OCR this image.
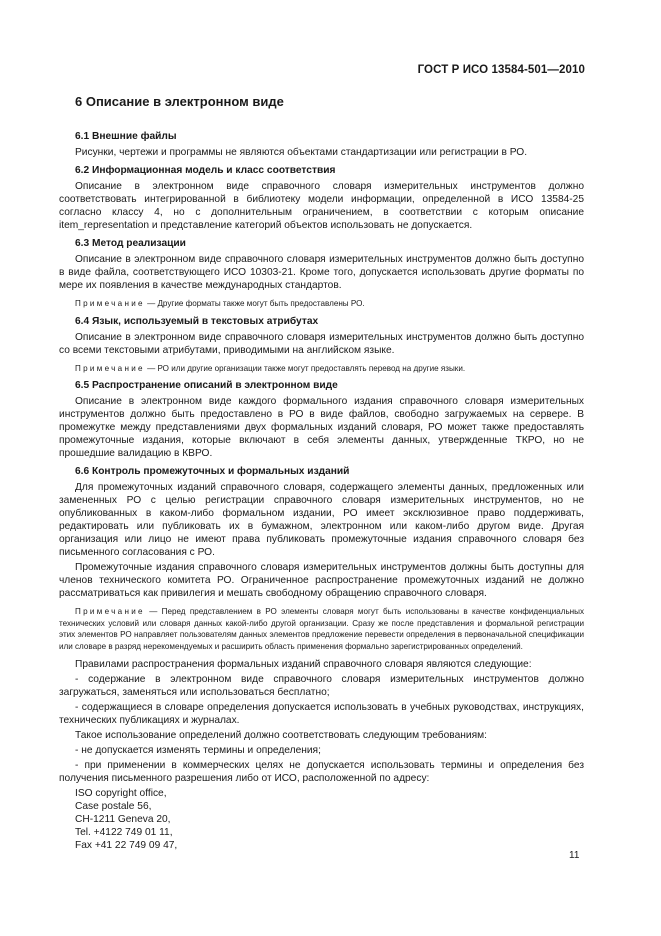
ГОСТ Р ИСО 13584-501—2010
6 Описание в электронном виде
6.1 Внешние файлы

Рисунки, чертежи и программы не являются объектами стандартизации или регистрации в РО.

6.2 Информационная модель и класс соответствия

Описание в электронном виде справочного словаря измерительных инструментов должно соответствовать интегрированной в библиотеку модели информации, определенной в ИСО 13584-25 согласно классу 4, но с дополнительным ограничением, в соответствии с которым описание item_representation и представление категорий объектов использовать не допускается.

6.3 Метод реализации

Описание в электронном виде справочного словаря измерительных инструментов должно быть доступно в виде файла, соответствующего ИСО 10303-21. Кроме того, допускается использовать другие форматы по мере их появления в качестве международных стандартов.

Примечание — Другие форматы также могут быть предоставлены РО.

6.4 Язык, используемый в текстовых атрибутах

Описание в электронном виде справочного словаря измерительных инструментов должно быть доступно со всеми текстовыми атрибутами, приводимыми на английском языке.

Примечание — РО или другие организации также могут предоставлять перевод на другие языки.

6.5 Распространение описаний в электронном виде

Описание в электронном виде каждого формального издания справочного словаря измерительных инструментов должно быть предоставлено в РО в виде файлов, свободно загружаемых на сервере. В промежутке между представлениями двух формальных изданий словаря, РО может также предоставлять промежуточные издания, которые включают в себя элементы данных, утвержденные ТКРО, но не прошедшие валидацию в КВРО.

6.6 Контроль промежуточных и формальных изданий

Для промежуточных изданий справочного словаря, содержащего элементы данных, предложенных или замененных РО с целью регистрации справочного словаря измерительных инструментов, но не опубликованных в каком-либо формальном издании, РО имеет эксклюзивное право поддерживать, редактировать или публиковать их в бумажном, электронном или каком-либо другом виде. Другая организация или лицо не имеют права публиковать промежуточные издания справочного словаря без письменного согласования с РО.

Промежуточные издания справочного словаря измерительных инструментов должны быть доступны для членов технического комитета РО. Ограниченное распространение промежуточных изданий не должно рассматриваться как привилегия и мешать свободному обращению справочного словаря.

Примечание — Перед представлением в РО элементы словаря могут быть использованы в качестве конфиденциальных технических условий или словаря данных какой-либо другой организации. Сразу же после представления и формальной регистрации этих элементов РО направляет пользователям данных элементов предложение перевести определения в первоначальной спецификации или словаре в разряд нерекомендуемых и расширить область применения формально зарегистрированных определений.

Правилами распространения формальных изданий справочного словаря являются следующие:

- содержание в электронном виде справочного словаря измерительных инструментов должно загружаться, заменяться или использоваться бесплатно;

- содержащиеся в словаре определения допускается использовать в учебных руководствах, инструкциях, технических публикациях и журналах.

Такое использование определений должно соответствовать следующим требованиям:

- не допускается изменять термины и определения;

- при применении в коммерческих целях не допускается использовать термины и определения без получения письменного разрешения либо от ИСО, расположенной по адресу:

ISO copyright office,
Case postale 56,
CH-1211 Geneva 20,
Tel. +4122 749 01 11,
Fax +41 22 749 09 47,
11
